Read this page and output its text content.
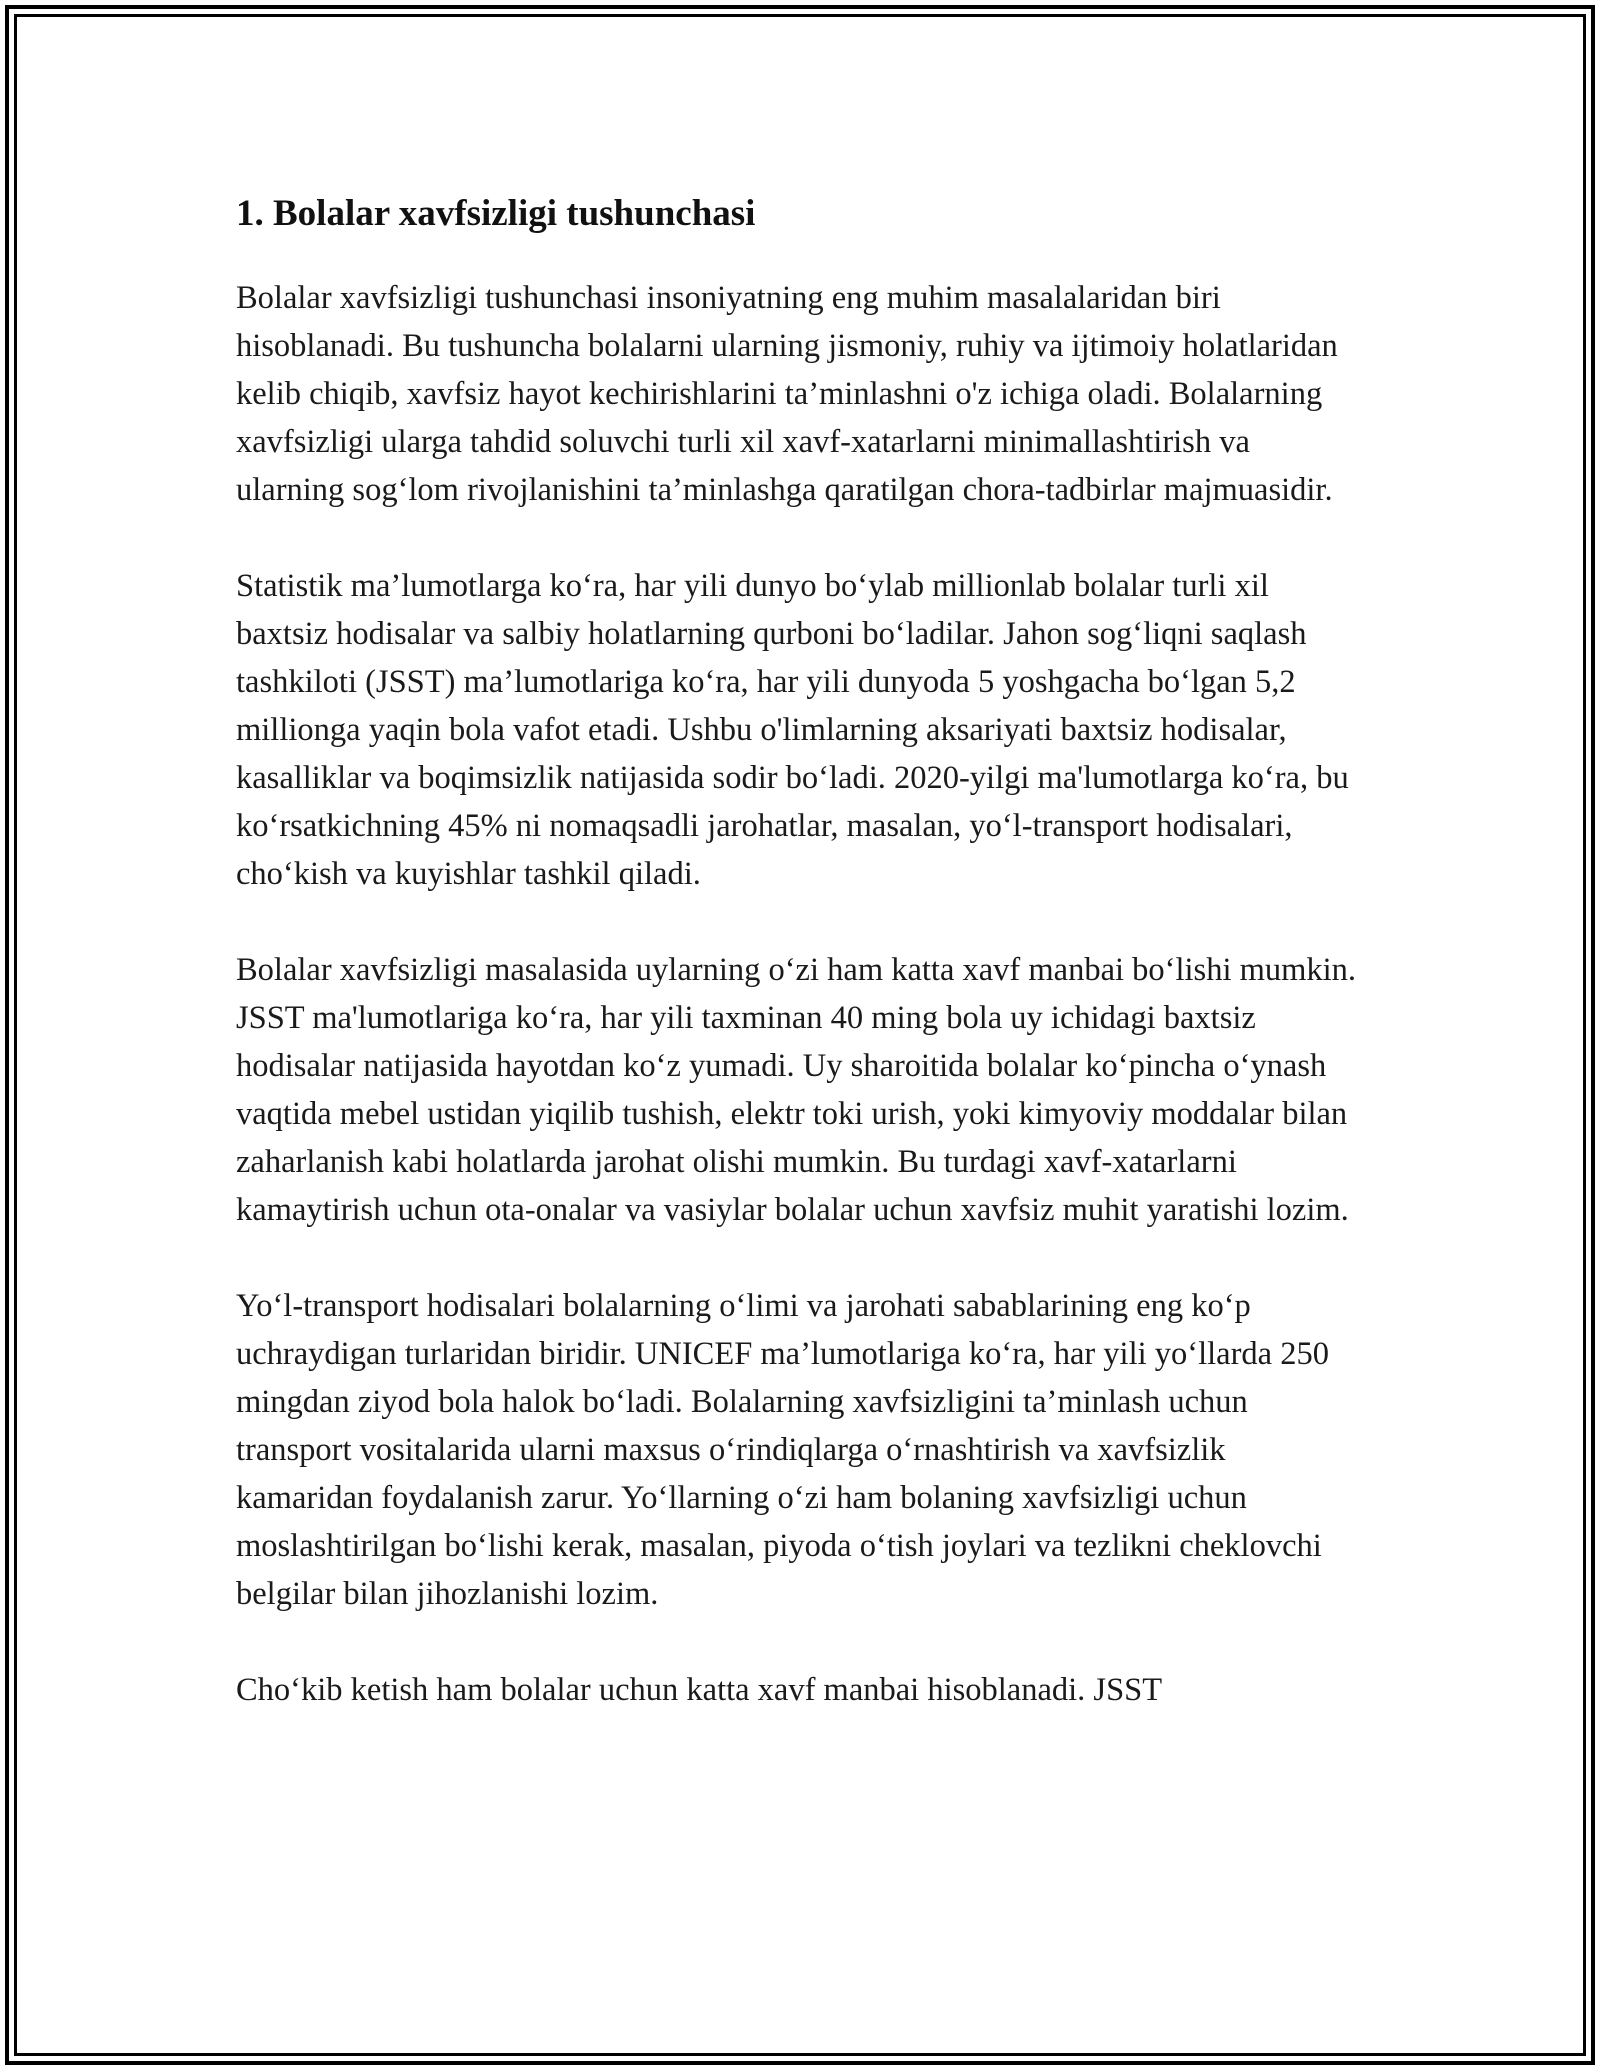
1. Bolalar xavfsizligi tushunchasi

Bolalar xavfsizligi tushunchasi insoniyatning eng muhim masalalaridan biri hisoblanadi. Bu tushuncha bolalarni ularning jismoniy, ruhiy va ijtimoiy holatlaridan kelib chiqib, xavfsiz hayot kechirishlarini ta’minlashni o'z ichiga oladi. Bolalarning xavfsizligi ularga tahdid soluvchi turli xil xavf-xatarlarni minimallashtirish va ularning sog‘lom rivojlanishini ta’minlashga qaratilgan chora-tadbirlar majmuasidir.

Statistik ma’lumotlarga ko‘ra, har yili dunyo bo‘ylab millionlab bolalar turli xil baxtsiz hodisalar va salbiy holatlarning qurboni bo‘ladilar. Jahon sog‘liqni saqlash tashkiloti (JSST) ma’lumotlariga ko‘ra, har yili dunyoda 5 yoshgacha bo‘lgan 5,2 millionga yaqin bola vafot etadi. Ushbu o'limlarning aksariyati baxtsiz hodisalar, kasalliklar va boqimsizlik natijasida sodir bo‘ladi. 2020-yilgi ma'lumotlarga ko‘ra, bu ko‘rsatkichning 45% ni nomaqsadli jarohatlar, masalan, yo‘l-transport hodisalari, cho‘kish va kuyishlar tashkil qiladi.

Bolalar xavfsizligi masalasida uylarning o‘zi ham katta xavf manbai bo‘lishi mumkin. JSST ma'lumotlariga ko‘ra, har yili taxminan 40 ming bola uy ichidagi baxtsiz hodisalar natijasida hayotdan ko‘z yumadi. Uy sharoitida bolalar ko‘pincha o‘ynash vaqtida mebel ustidan yiqilib tushish, elektr toki urish, yoki kimyoviy moddalar bilan zaharlanish kabi holatlarda jarohat olishi mumkin. Bu turdagi xavf-xatarlarni kamaytirish uchun ota-onalar va vasiylar bolalar uchun xavfsiz muhit yaratishi lozim.

Yo‘l-transport hodisalari bolalarning o‘limi va jarohati sabablarining eng ko‘p uchraydigan turlaridan biridir. UNICEF ma’lumotlariga ko‘ra, har yili yo‘llarda 250 mingdan ziyod bola halok bo‘ladi. Bolalarning xavfsizligini ta’minlash uchun transport vositalarida ularni maxsus o‘rindiqlarga o‘rnashtirish va xavfsizlik kamaridan foydalanish zarur. Yo‘llarning o‘zi ham bolaning xavfsizligi uchun moslashtirilgan bo‘lishi kerak, masalan, piyoda o‘tish joylari va tezlikni cheklovchi belgilar bilan jihozlanishi lozim.

Cho‘kib ketish ham bolalar uchun katta xavf manbai hisoblanadi. JSST
